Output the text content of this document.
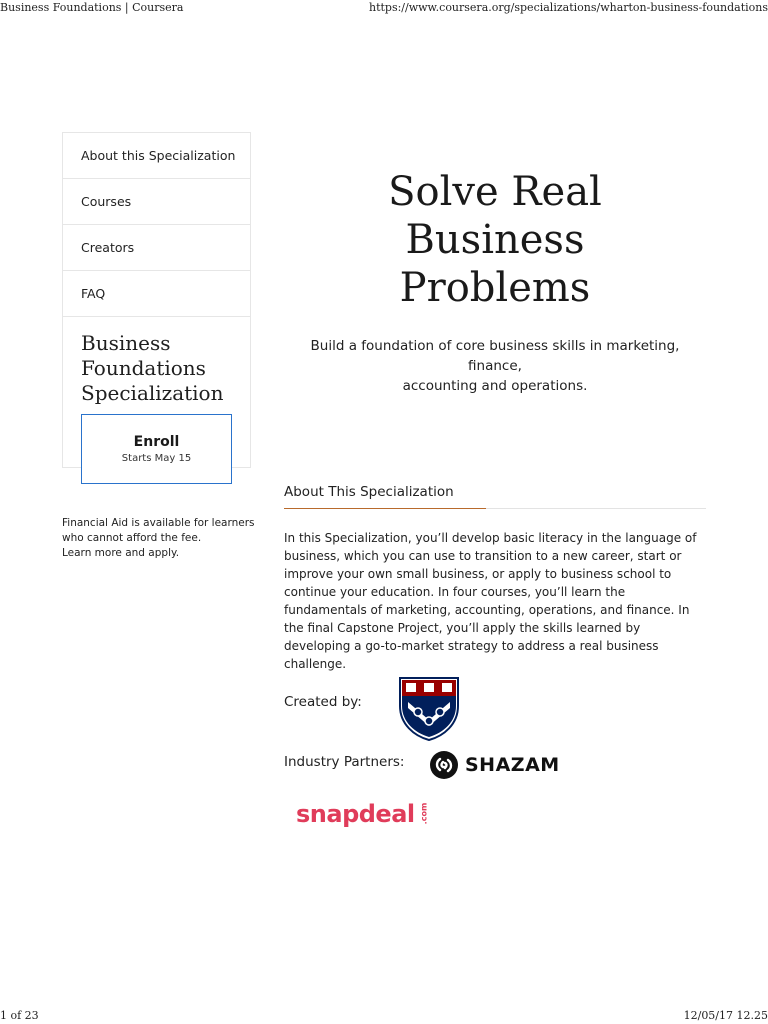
Business Foundations | Coursera	https://www.coursera.org/specializations/wharton-business-foundations
About this Specialization
Courses
Creators
FAQ
Business
Foundations
Specialization
Enroll
Starts May 15
Financial Aid is available for learners
who cannot afford the fee.
Learn more and apply.
Solve Real
Business
Problems

Build a foundation of core business skills in marketing, finance,
accounting and operations.

About This Specialization

In this Specialization, you’ll develop basic literacy in the language of business, which you can use to transition to a new career, start or improve your own small business, or apply to business school to continue your education. In four courses, you’ll learn the fundamentals of marketing, accounting, operations, and finance. In the final Capstone Project, you’ll apply the skills learned by developing a go-to-market strategy to address a real business challenge.

Created by:
Industry Partners:	SHAZAM
snapdeal .com
1 of 23	12/05/17 12.25
